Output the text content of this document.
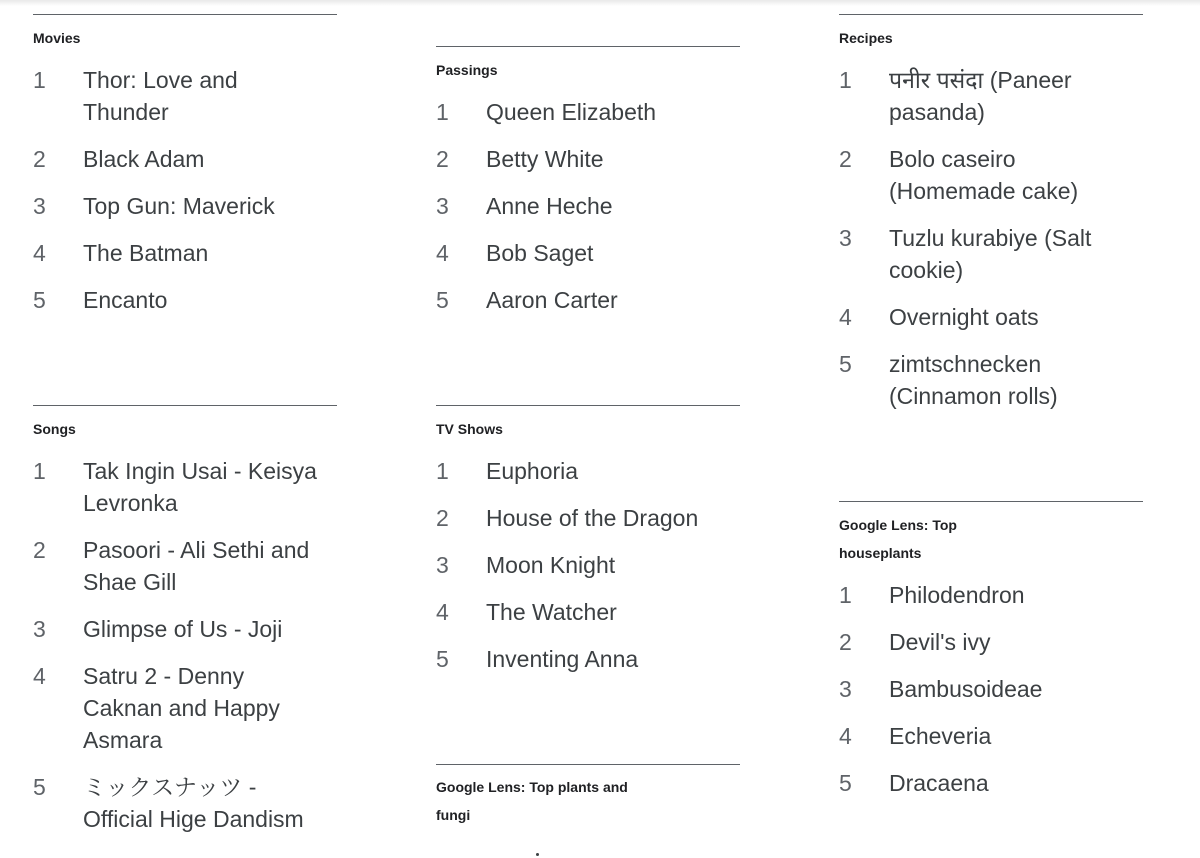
Movies
1	Thor: Love and Thunder
2	Black Adam
3	Top Gun: Maverick
4	The Batman
5	Encanto
Songs
1	Tak Ingin Usai - Keisya Levronka
2	Pasoori - Ali Sethi and Shae Gill
3	Glimpse of Us - Joji
4	Satru 2 - Denny Caknan and Happy Asmara
5	ミックスナッツ - Official Hige Dandism
Passings
1	Queen Elizabeth
2	Betty White
3	Anne Heche
4	Bob Saget
5	Aaron Carter
TV Shows
1	Euphoria
2	House of the Dragon
3	Moon Knight
4	The Watcher
5	Inventing Anna
Google Lens: Top plants and fungi
Recipes
1	पनीर पसंदा (Paneer pasanda)
2	Bolo caseiro (Homemade cake)
3	Tuzlu kurabiye (Salt cookie)
4	Overnight oats
5	zimtschnecken (Cinnamon rolls)
Google Lens: Top houseplants
1	Philodendron
2	Devil's ivy
3	Bambusoideae
4	Echeveria
5	Dracaena
